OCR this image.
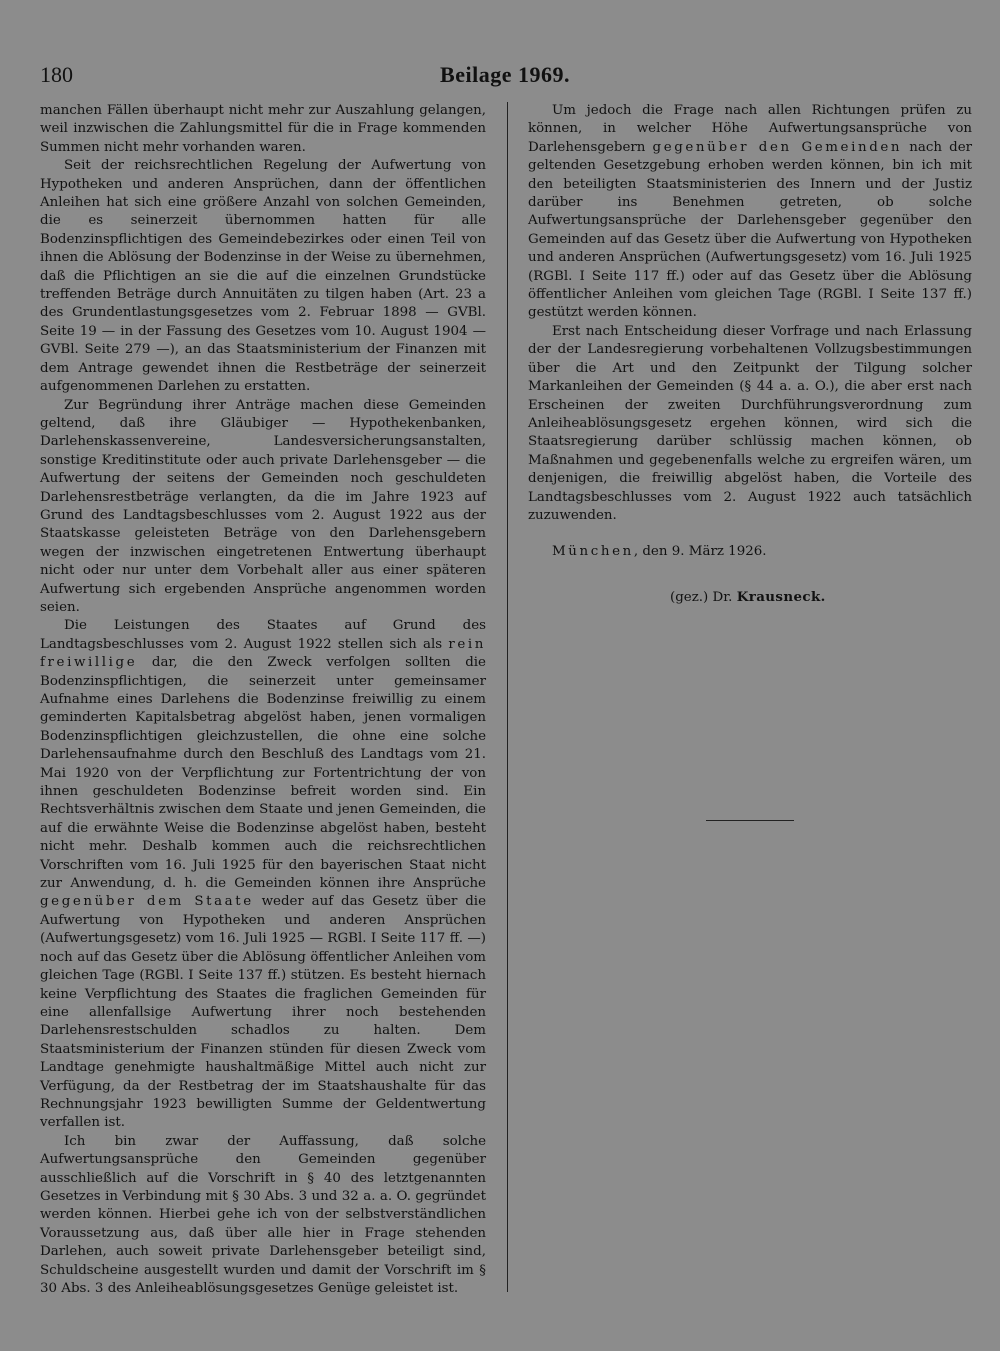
180	Beilage 1969.

manchen Fällen überhaupt nicht mehr zur Auszahlung gelangen, weil inzwischen die Zahlungsmittel für die in Frage kommenden Summen nicht mehr vorhanden waren.

Seit der reichsrechtlichen Regelung der Aufwertung von Hypotheken und anderen Ansprüchen, dann der öffentlichen Anleihen hat sich eine größere Anzahl von solchen Gemeinden, die es seinerzeit übernommen hatten für alle Bodenzinspflichtigen des Gemeindebezirkes oder einen Teil von ihnen die Ablösung der Bodenzinse in der Weise zu übernehmen, daß die Pflichtigen an sie die auf die einzelnen Grundstücke treffenden Beträge durch Annuitäten zu tilgen haben (Art. 23 a des Grundentlastungsgesetzes vom 2. Februar 1898 — GVBl. Seite 19 — in der Fassung des Gesetzes vom 10. August 1904 — GVBl. Seite 279 —), an das Staatsministerium der Finanzen mit dem Antrage gewendet ihnen die Restbeträge der seinerzeit aufgenommenen Darlehen zu erstatten.

Zur Begründung ihrer Anträge machen diese Gemeinden geltend, daß ihre Gläubiger — Hypothekenbanken, Darlehenskassenvereine, Landesversicherungsanstalten, sonstige Kreditinstitute oder auch private Darlehensgeber — die Aufwertung der seitens der Gemeinden noch geschuldeten Darlehensrestbeträge verlangten, da die im Jahre 1923 auf Grund des Landtagsbeschlusses vom 2. August 1922 aus der Staatskasse geleisteten Beträge von den Darlehensgebern wegen der inzwischen eingetretenen Entwertung überhaupt nicht oder nur unter dem Vorbehalt aller aus einer späteren Aufwertung sich ergebenden Ansprüche angenommen worden seien.

Die Leistungen des Staates auf Grund des Landtagsbeschlusses vom 2. August 1922 stellen sich als rein freiwillige dar, die den Zweck verfolgen sollten die Bodenzinspflichtigen, die seinerzeit unter gemeinsamer Aufnahme eines Darlehens die Bodenzinse freiwillig zu einem geminderten Kapitalsbetrag abgelöst haben, jenen vormaligen Bodenzinspflichtigen gleichzustellen, die ohne eine solche Darlehensaufnahme durch den Beschluß des Landtags vom 21. Mai 1920 von der Verpflichtung zur Fortentrichtung der von ihnen geschuldeten Bodenzinse befreit worden sind. Ein Rechtsverhältnis zwischen dem Staate und jenen Gemeinden, die auf die erwähnte Weise die Bodenzinse abgelöst haben, besteht nicht mehr. Deshalb kommen auch die reichsrechtlichen Vorschriften vom 16. Juli 1925 für den bayerischen Staat nicht zur Anwendung, d. h. die Gemeinden können ihre Ansprüche gegenüber dem Staate weder auf das Gesetz über die Aufwertung von Hypotheken und anderen Ansprüchen (Aufwertungsgesetz) vom 16. Juli 1925 — RGBl. I Seite 117 ff. —) noch auf das Gesetz über die Ablösung öffentlicher Anleihen vom gleichen Tage (RGBl. I Seite 137 ff.) stützen. Es besteht hiernach keine Verpflichtung des Staates die fraglichen Gemeinden für eine allenfallsige Aufwertung ihrer noch bestehenden Darlehensrestschulden schadlos zu halten. Dem Staatsministerium der Finanzen stünden für diesen Zweck vom Landtage genehmigte haushaltmäßige Mittel auch nicht zur Verfügung, da der Restbetrag der im Staatshaushalte für das Rechnungsjahr 1923 bewilligten Summe der Geldentwertung verfallen ist.

Ich bin zwar der Auffassung, daß solche Aufwertungsansprüche den Gemeinden gegenüber ausschließlich auf die Vorschrift in § 40 des letztgenannten Gesetzes in Verbindung mit § 30 Abs. 3 und 32 a. a. O. gegründet werden können. Hierbei gehe ich von der selbstverständlichen Voraussetzung aus, daß über alle hier in Frage stehenden Darlehen, auch soweit private Darlehensgeber beteiligt sind, Schuldscheine ausgestellt wurden und damit der Vorschrift im § 30 Abs. 3 des Anleiheablösungsgesetzes Genüge geleistet ist.

Um jedoch die Frage nach allen Richtungen prüfen zu können, in welcher Höhe Aufwertungsansprüche von Darlehensgebern gegenüber den Gemeinden nach der geltenden Gesetzgebung erhoben werden können, bin ich mit den beteiligten Staatsministerien des Innern und der Justiz darüber ins Benehmen getreten, ob solche Aufwertungsansprüche der Darlehensgeber gegenüber den Gemeinden auf das Gesetz über die Aufwertung von Hypotheken und anderen Ansprüchen (Aufwertungsgesetz) vom 16. Juli 1925 (RGBl. I Seite 117 ff.) oder auf das Gesetz über die Ablösung öffentlicher Anleihen vom gleichen Tage (RGBl. I Seite 137 ff.) gestützt werden können.

Erst nach Entscheidung dieser Vorfrage und nach Erlassung der der Landesregierung vorbehaltenen Vollzugsbestimmungen über die Art und den Zeitpunkt der Tilgung solcher Markanleihen der Gemeinden (§ 44 a. a. O.), die aber erst nach Erscheinen der zweiten Durchführungsverordnung zum Anleiheablösungsgesetz ergehen können, wird sich die Staatsregierung darüber schlüssig machen können, ob Maßnahmen und gegebenenfalls welche zu ergreifen wären, um denjenigen, die freiwillig abgelöst haben, die Vorteile des Landtagsbeschlusses vom 2. August 1922 auch tatsächlich zuzuwenden.

München, den 9. März 1926.

(gez.) Dr. Krausneck.
